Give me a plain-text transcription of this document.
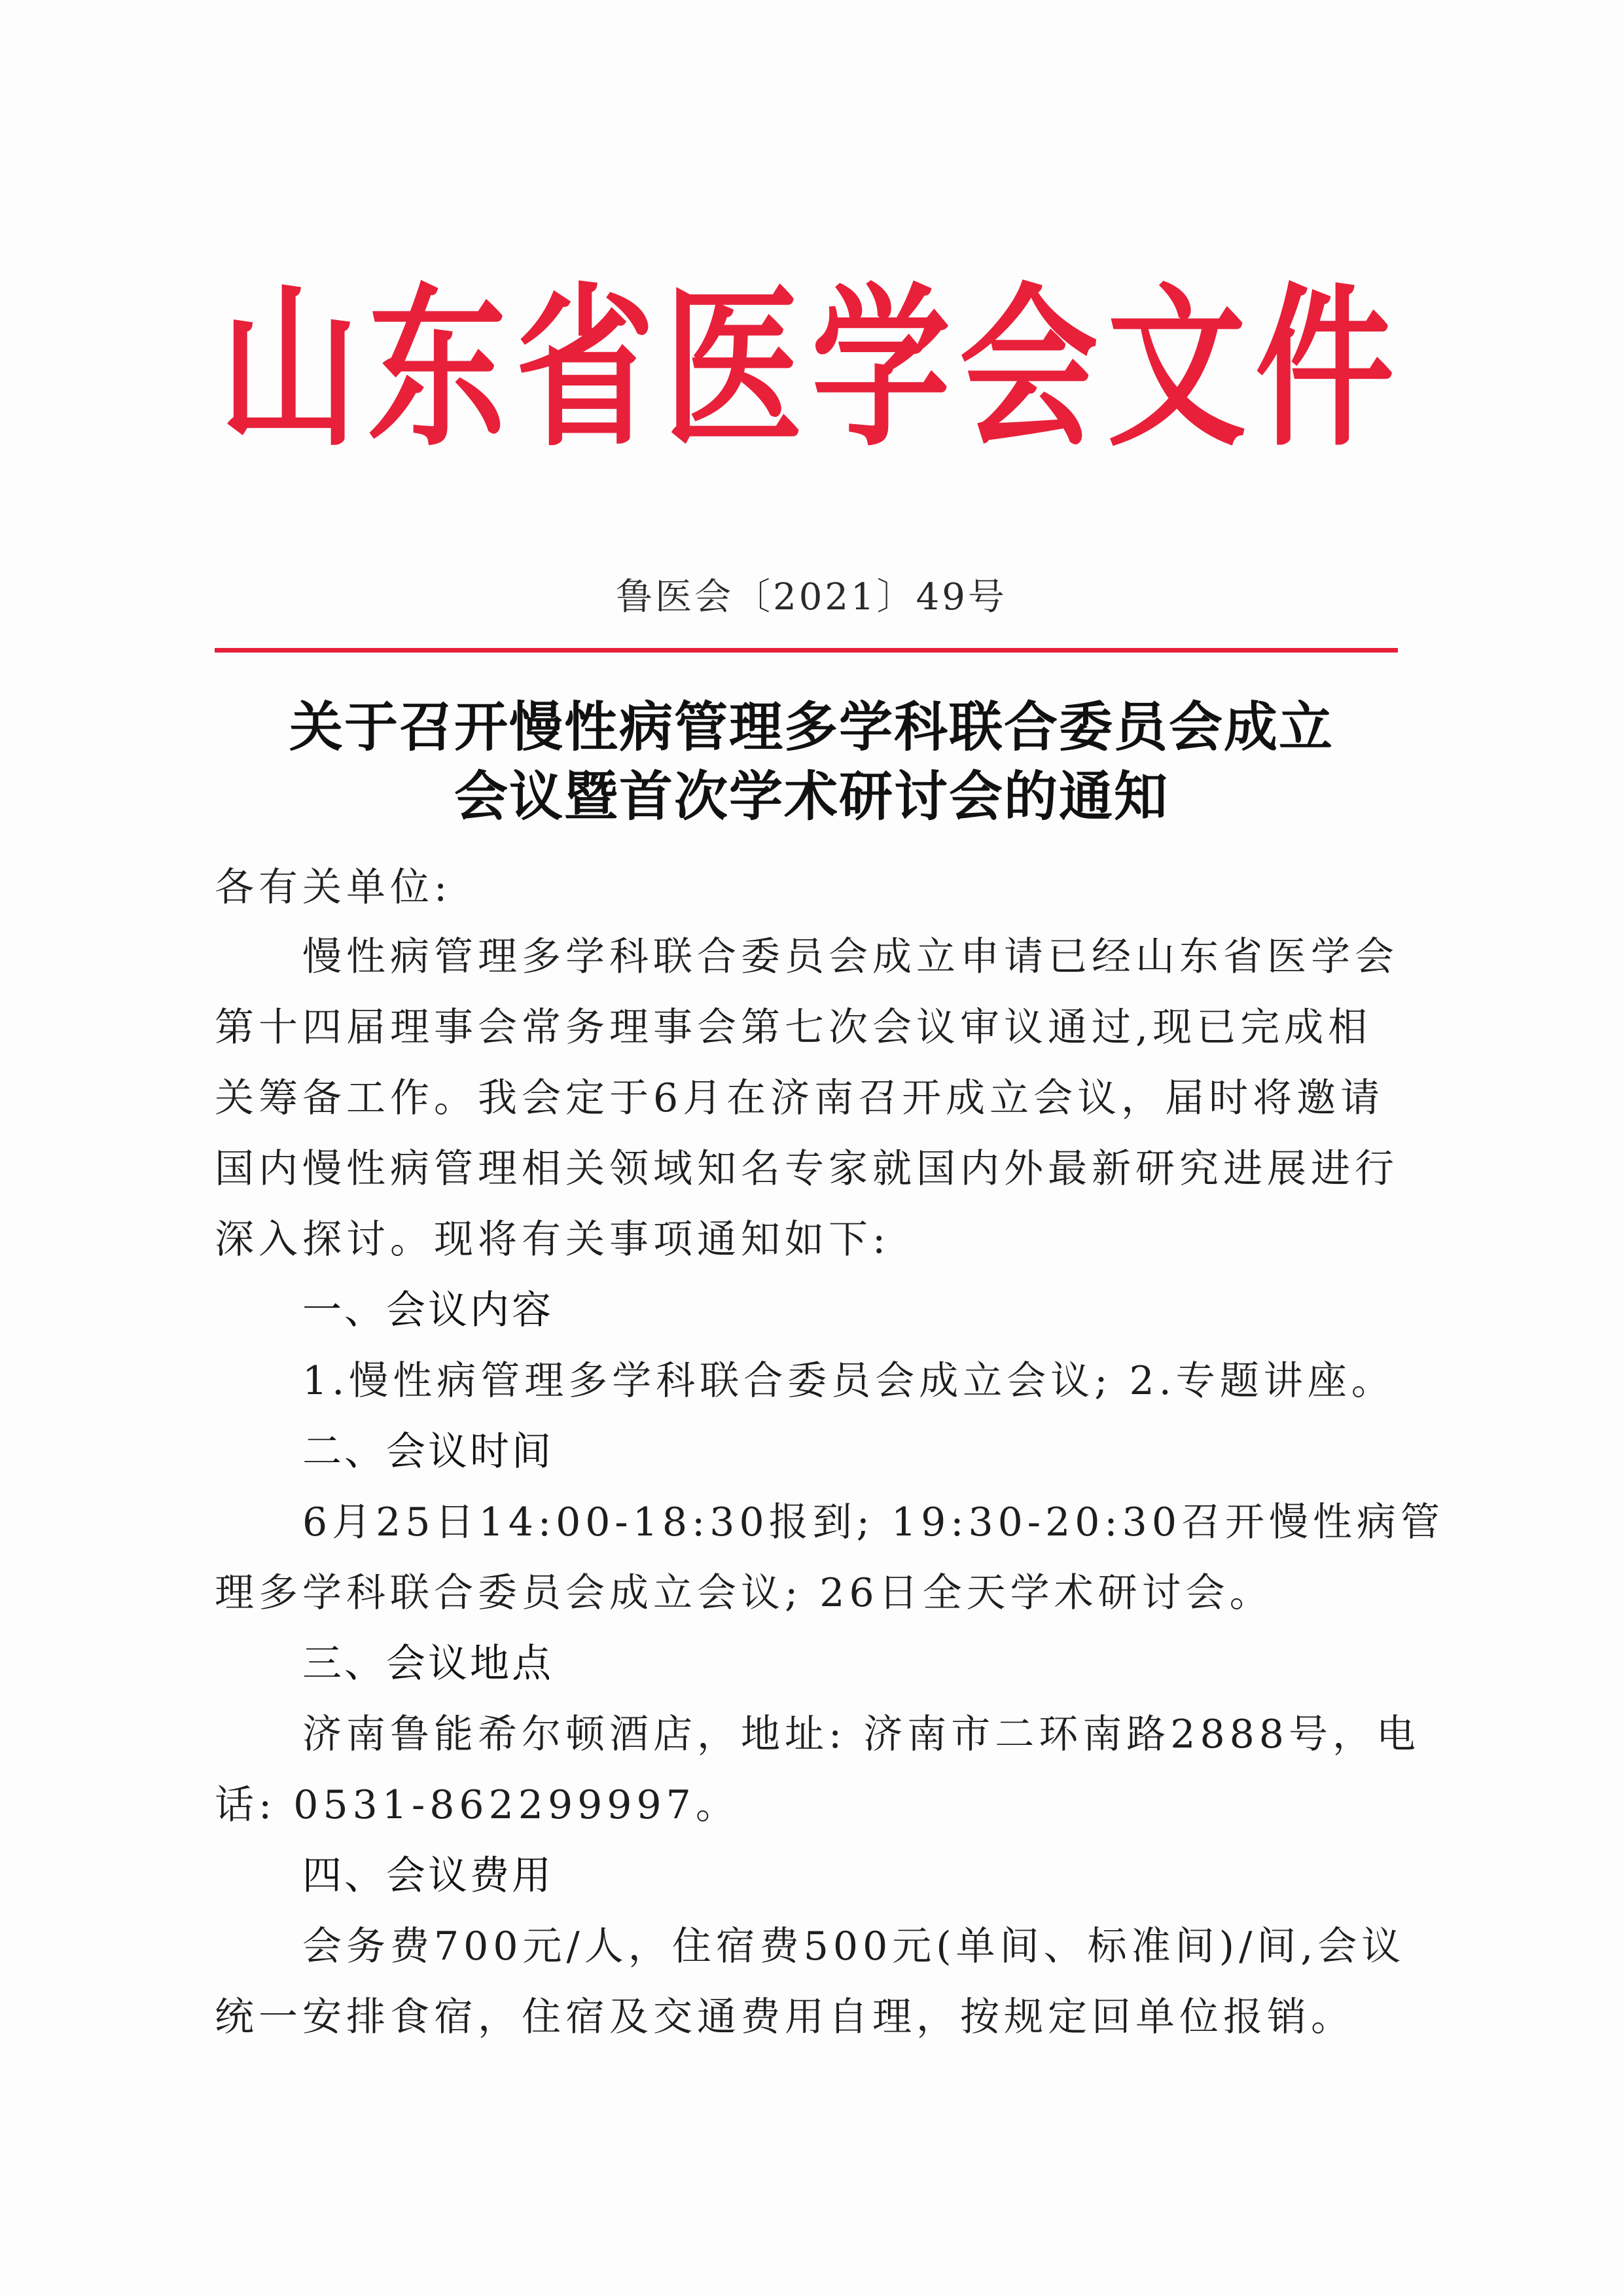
山东省医学会文件
鲁医会〔2021〕49号
关于召开慢性病管理多学科联合委员会成立
会议暨首次学术研讨会的通知
各有关单位:
慢性病管理多学科联合委员会成立申请已经山东省医学会
第十四届理事会常务理事会第七次会议审议通过,现已完成相
关筹备工作。我会定于6月在济南召开成立会议，届时将邀请
国内慢性病管理相关领域知名专家就国内外最新研究进展进行
深入探讨。现将有关事项通知如下:
一、会议内容
1.慢性病管理多学科联合委员会成立会议; 2.专题讲座。
二、会议时间
6月25日14:00-18:30报到; 19:30-20:30召开慢性病管
理多学科联合委员会成立会议; 26日全天学术研讨会。
三、会议地点
济南鲁能希尔顿酒店，地址: 济南市二环南路2888号，电
话: 0531-862299997。
四、会议费用
会务费700元/人，住宿费500元(单间、标准间)/间,会议
统一安排食宿，住宿及交通费用自理，按规定回单位报销。
